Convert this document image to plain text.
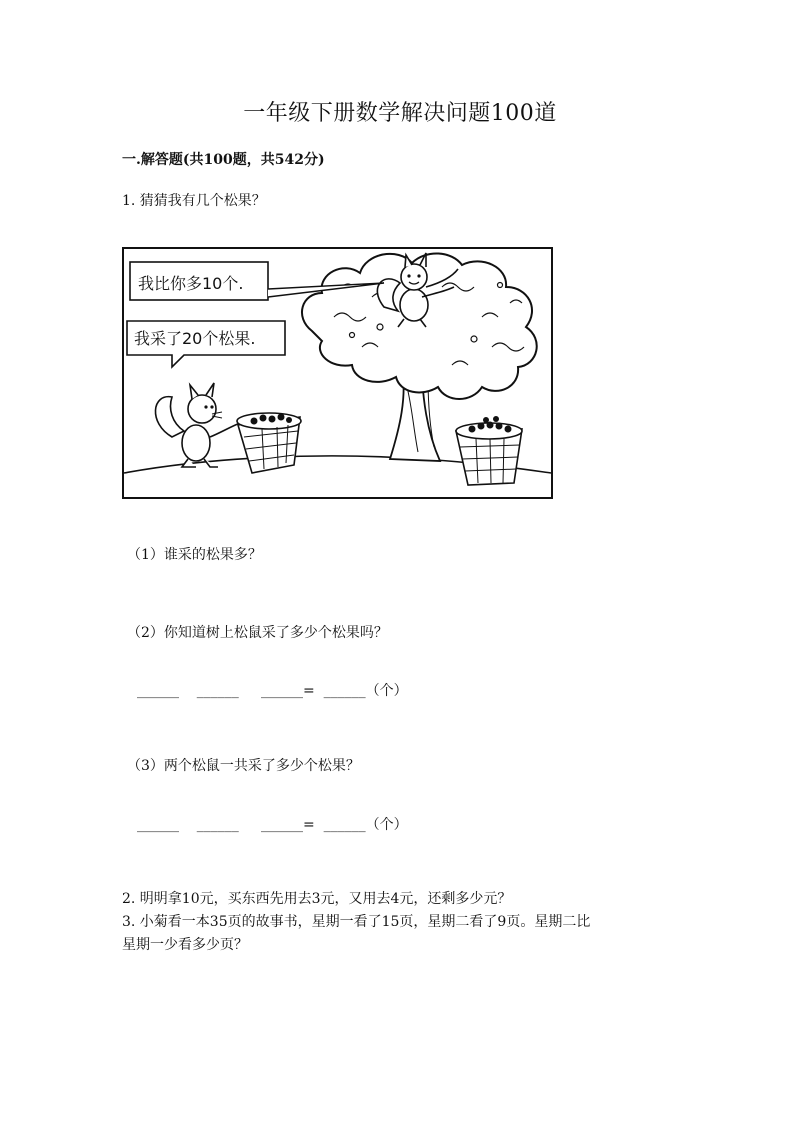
一年级下册数学解决问题100道
一.解答题(共100题，共542分)
1. 猜猜我有几个松果？
我比你多10个.
我采了20个松果.
（1）谁采的松果多？
（2）你知道树上松鼠采了多少个松果吗？
______    ______     ______=  ______（个）
（3）两个松鼠一共采了多少个松果？
______    ______     ______=  ______（个）
2. 明明拿10元，买东西先用去3元，又用去4元，还剩多少元？
3. 小菊看一本35页的故事书，星期一看了15页，星期二看了9页。星期二比
星期一少看多少页？
